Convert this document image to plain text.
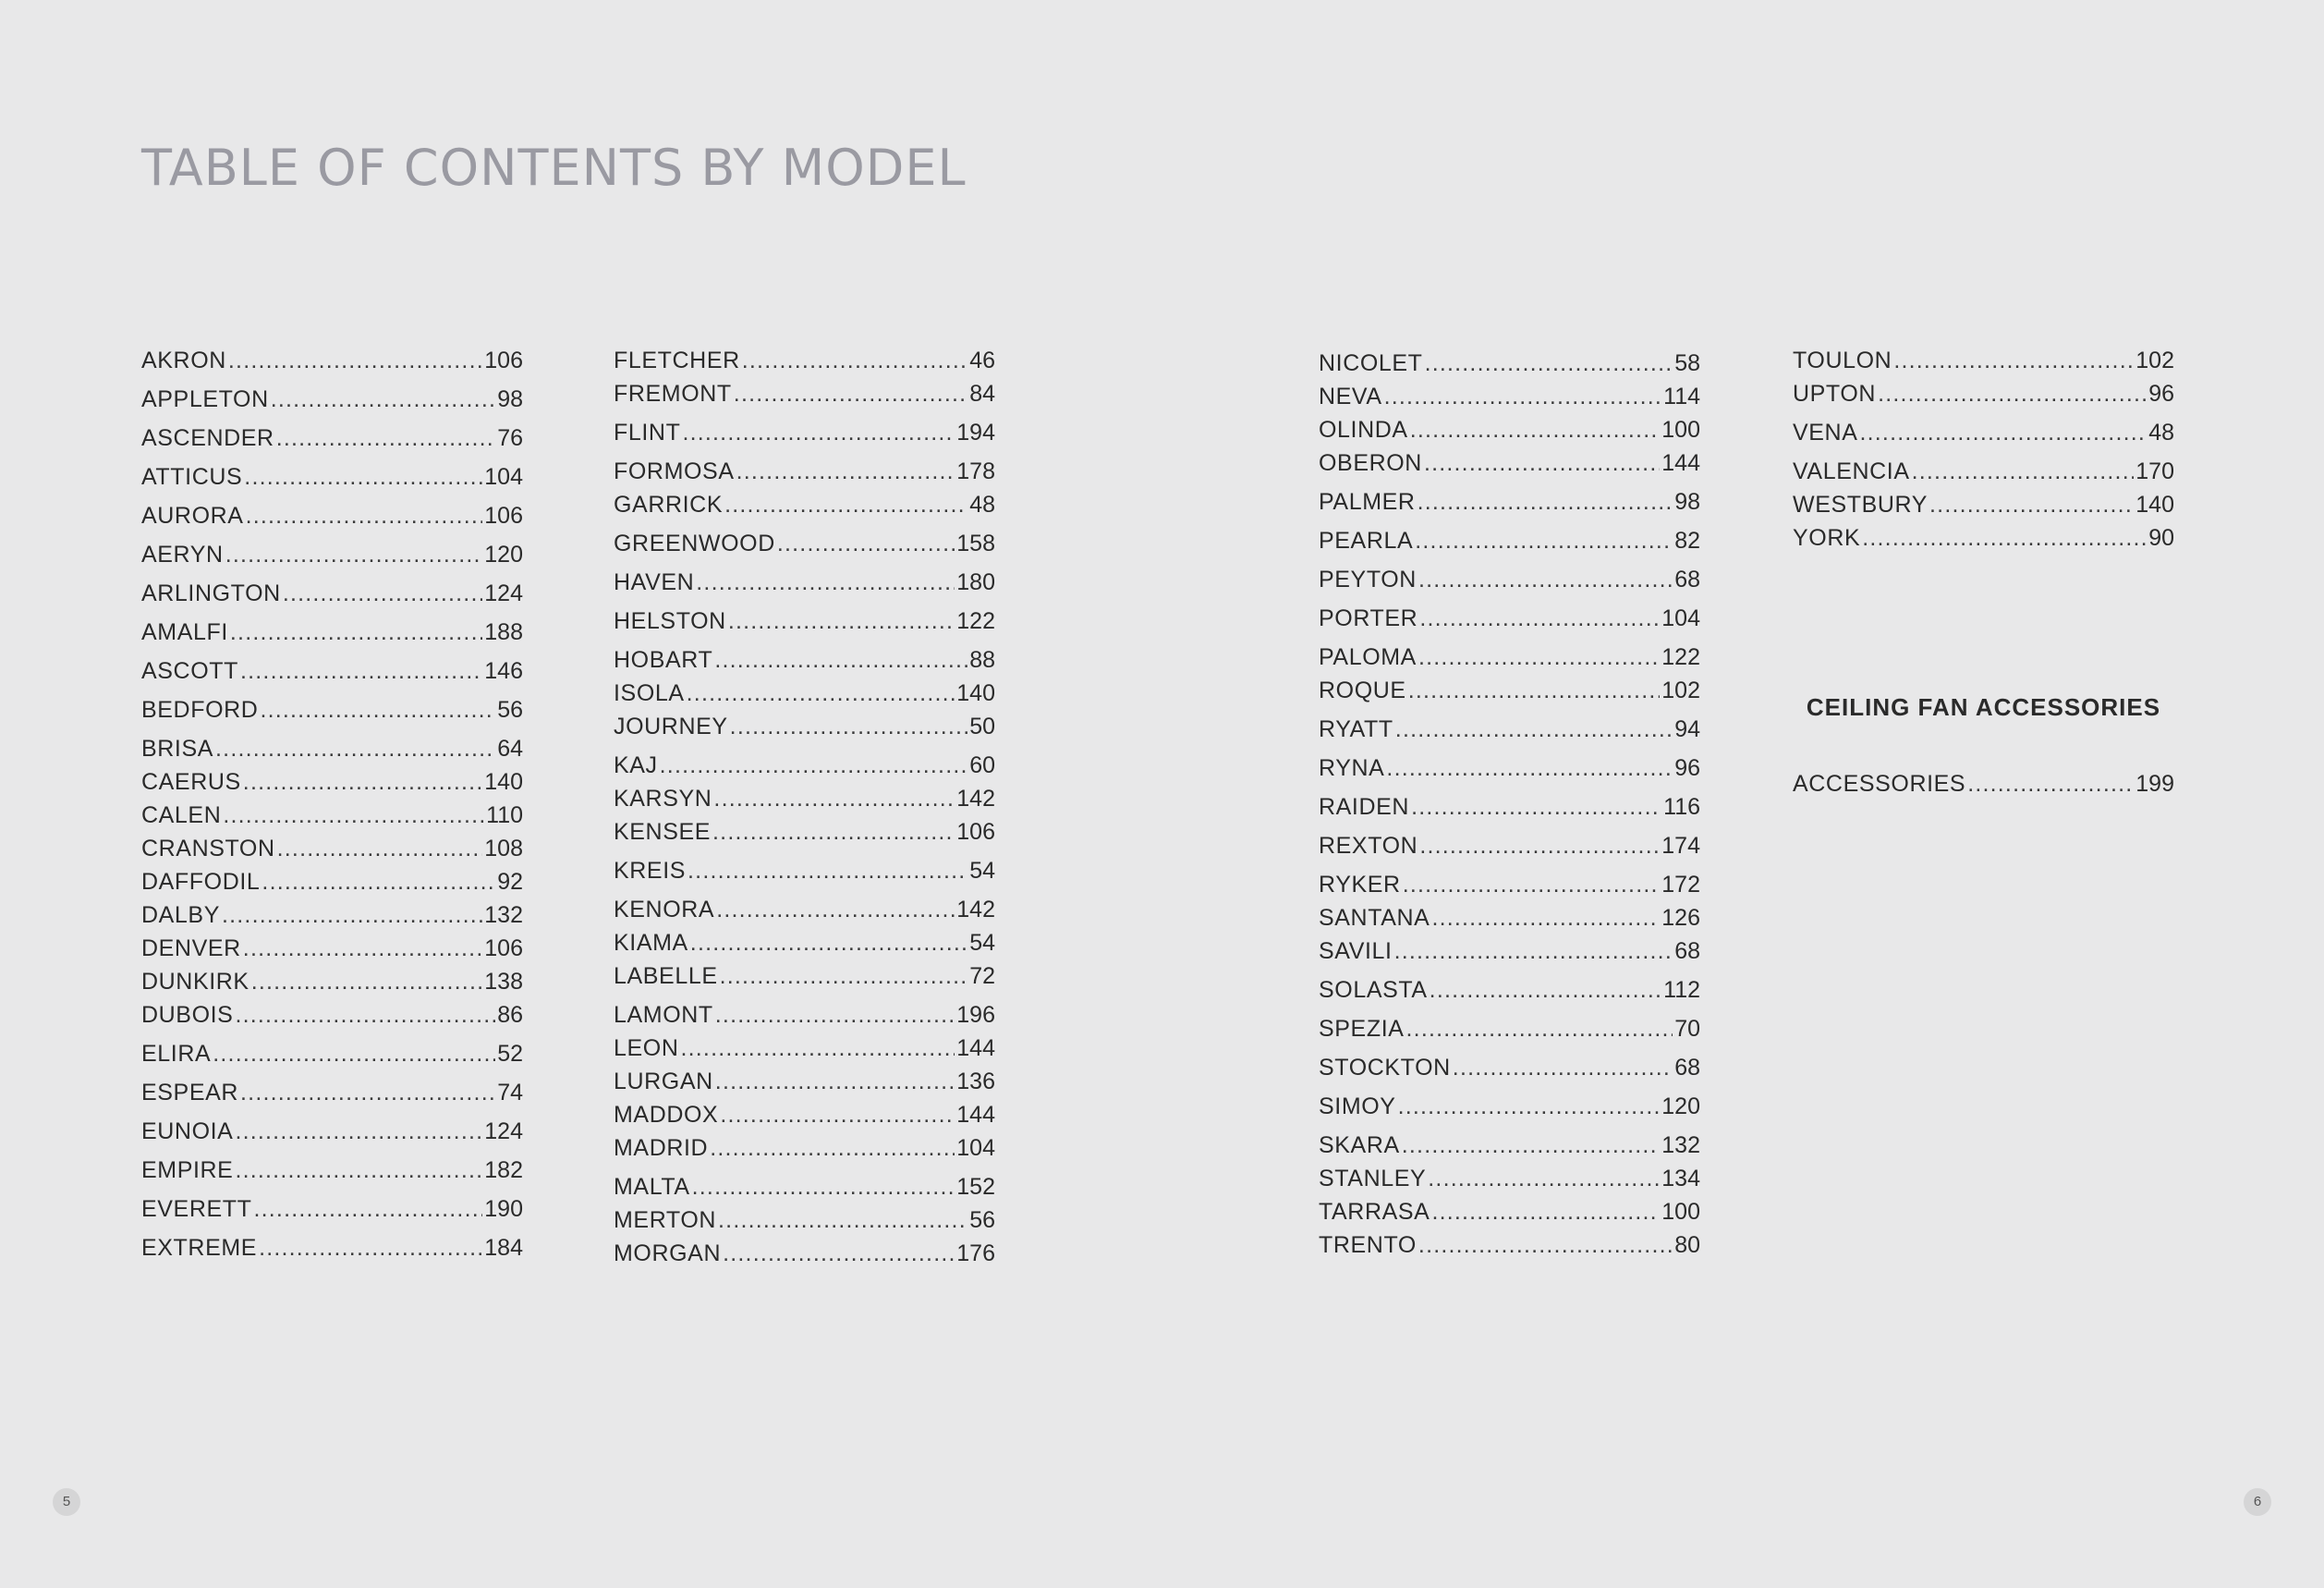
TABLE OF CONTENTS BY MODEL
AKRON .....	106
APPLETON .....	98
ASCENDER .....	76
ATTICUS .....	104
AURORA .....	106
AERYN .....	120
ARLINGTON .....	124
AMALFI .....	188
ASCOTT .....	146
BEDFORD .....	56
BRISA .....	64
CAERUS .....	140
CALEN .....	110
CRANSTON .....	108
DAFFODIL .....	92
DALBY .....	132
DENVER .....	106
DUNKIRK .....	138
DUBOIS .....	86
ELIRA .....	52
ESPEAR .....	74
EUNOIA .....	124
EMPIRE .....	182
EVERETT .....	190
EXTREME .....	184
FLETCHER .....	46
FREMONT .....	84
FLINT .....	194
FORMOSA .....	178
GARRICK .....	48
GREENWOOD .....	158
HAVEN .....	180
HELSTON .....	122
HOBART .....	88
ISOLA .....	140
JOURNEY .....	50
KAJ .....	60
KARSYN .....	142
KENSEE .....	106
KREIS .....	54
KENORA .....	142
KIAMA .....	54
LABELLE .....	72
LAMONT .....	196
LEON .....	144
LURGAN .....	136
MADDOX .....	144
MADRID .....	104
MALTA .....	152
MERTON .....	56
MORGAN .....	176
NICOLET .....	58
NEVA .....	114
OLINDA .....	100
OBERON .....	144
PALMER .....	98
PEARLA .....	82
PEYTON .....	68
PORTER .....	104
PALOMA .....	122
ROQUE .....	102
RYATT .....	94
RYNA .....	96
RAIDEN .....	116
REXTON .....	174
RYKER .....	172
SANTANA .....	126
SAVILI .....	68
SOLASTA .....	112
SPEZIA .....	70
STOCKTON .....	68
SIMOY .....	120
SKARA .....	132
STANLEY .....	134
TARRASA .....	100
TRENTO .....	80
TOULON .....	102
UPTON .....	96
VENA .....	48
VALENCIA .....	170
WESTBURY .....	140
YORK .....	90
CEILING FAN ACCESSORIES
ACCESSORIES .....	199
5	6
